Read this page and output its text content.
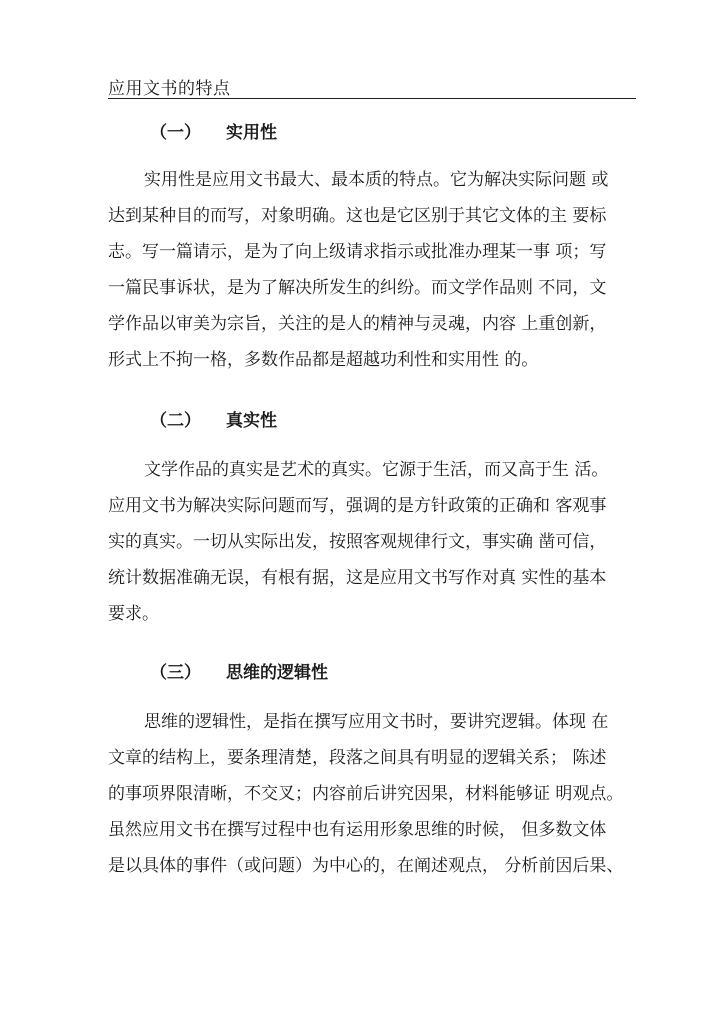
应用文书的特点
（一） 实用性
实用性是应用文书最大、最本质的特点。它为解决实际问题 或
达到某种目的而写，对象明确。这也是它区别于其它文体的主 要标
志。写一篇请示，是为了向上级请求指示或批准办理某一事 项；写
一篇民事诉状，是为了解决所发生的纠纷。而文学作品则 不同，文
学作品以审美为宗旨，关注的是人的精神与灵魂，内容 上重创新，
形式上不拘一格，多数作品都是超越功利性和实用性 的。
（二） 真实性
文学作品的真实是艺术的真实。它源于生活，而又高于生 活。
应用文书为解决实际问题而写，强调的是方针政策的正确和 客观事
实的真实。一切从实际出发，按照客观规律行文，事实确 凿可信，
统计数据准确无误，有根有据，这是应用文书写作对真 实性的基本
要求。
（三） 思维的逻辑性
思维的逻辑性，是指在撰写应用文书时，要讲究逻辑。体现 在
文章的结构上，要条理清楚，段落之间具有明显的逻辑关系； 陈述
的事项界限清晰，不交叉；内容前后讲究因果，材料能够证 明观点。
虽然应用文书在撰写过程中也有运用形象思维的时候， 但多数文体
是以具体的事件（或问题）为中心的，在阐述观点， 分析前因后果、
